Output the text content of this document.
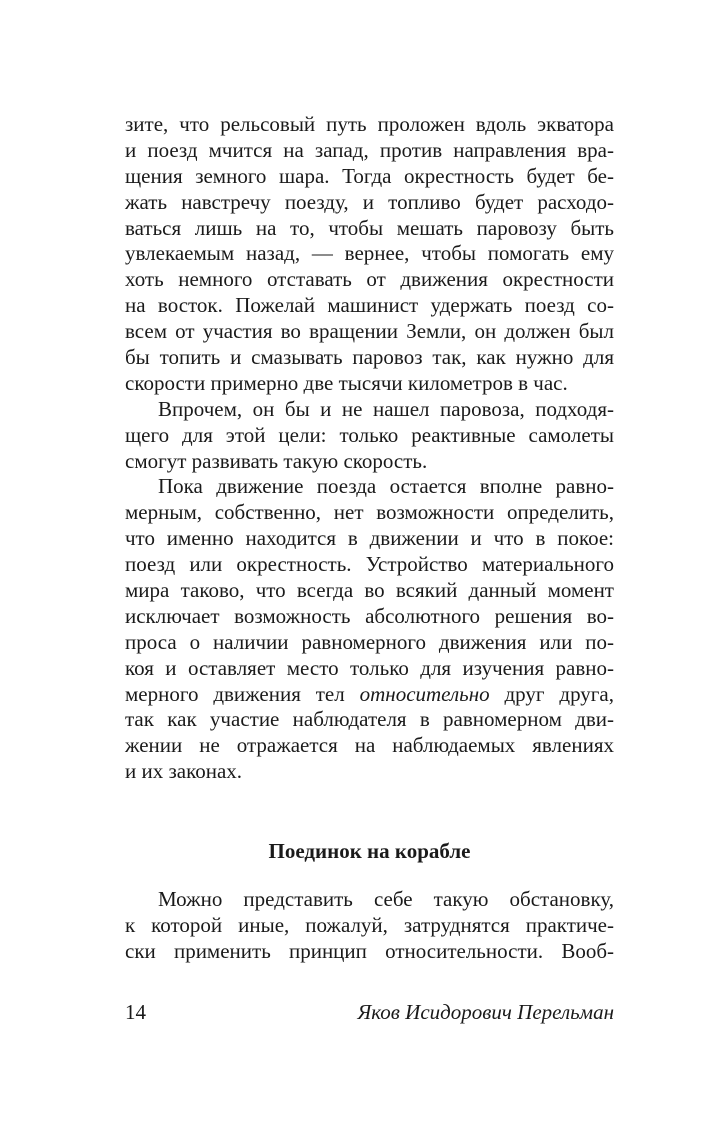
зите, что рельсовый путь проложен вдоль экватора
и поезд мчится на запад, против направления вра-
щения земного шара. Тогда окрестность будет бе-
жать навстречу поезду, и топливо будет расходо-
ваться лишь на то, чтобы мешать паровозу быть
увлекаемым назад, — вернее, чтобы помогать ему
хоть немного отставать от движения окрестности
на восток. Пожелай машинист удержать поезд со-
всем от участия во вращении Земли, он должен был
бы топить и смазывать паровоз так, как нужно для
скорости примерно две тысячи километров в час.
Впрочем, он бы и не нашел паровоза, подходя-
щего для этой цели: только реактивные самолеты
смогут развивать такую скорость.
Пока движение поезда остается вполне равно-
мерным, собственно, нет возможности определить,
что именно находится в движении и что в покое:
поезд или окрестность. Устройство материального
мира таково, что всегда во всякий данный момент
исключает возможность абсолютного решения во-
проса о наличии равномерного движения или по-
коя и оставляет место только для изучения равно-
мерного движения тел относительно друг друга,
так как участие наблюдателя в равномерном дви-
жении не отражается на наблюдаемых явлениях
и их законах.
Поединок на корабле
Можно представить себе такую обстановку,
к которой иные, пожалуй, затруднятся практиче-
ски применить принцип относительности. Вооб-
14	Яков Исидорович Перельман
